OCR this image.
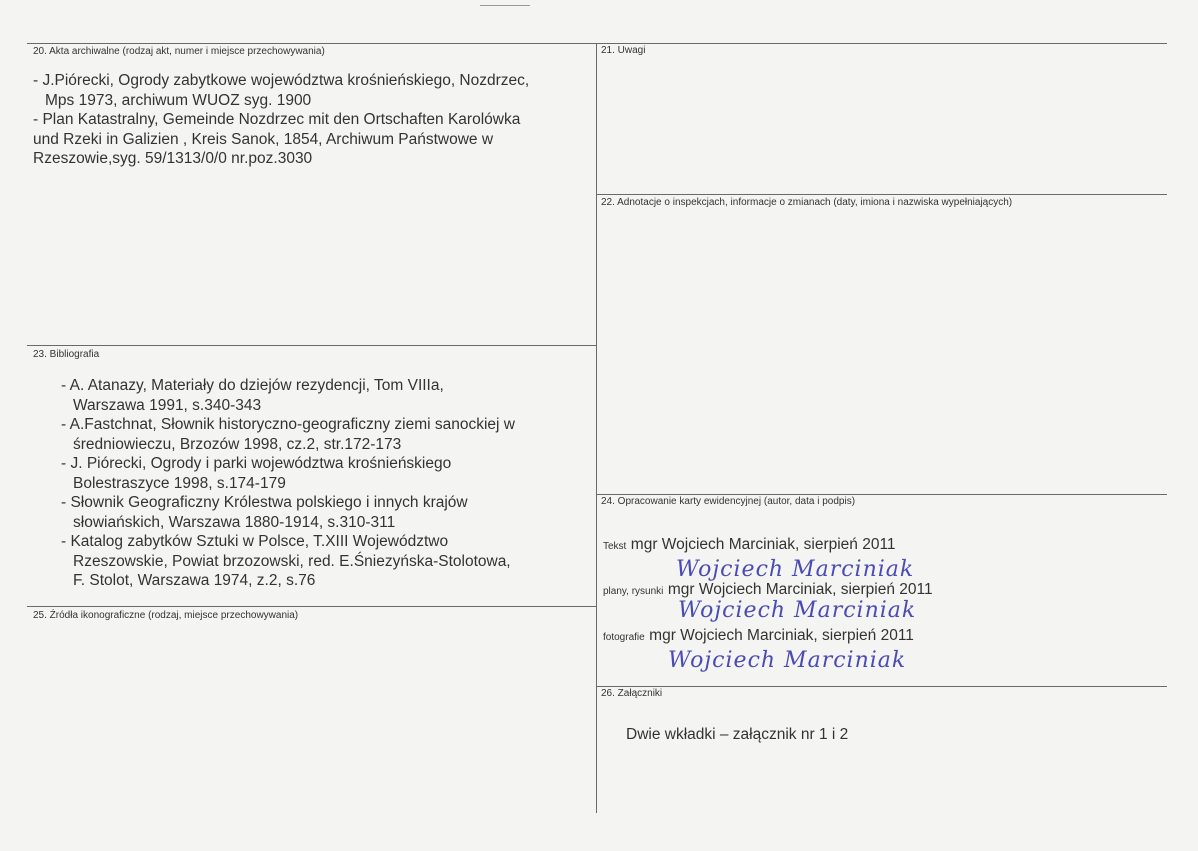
20. Akta archiwalne (rodzaj akt, numer i miejsce przechowywania)
- J.Piórecki, Ogrody zabytkowe województwa krośnieńskiego, Nozdrzec,
Mps 1973, archiwum WUOZ syg. 1900
- Plan Katastralny, Gemeinde Nozdrzec mit den Ortschaften Karolówka
und Rzeki in Galizien , Kreis Sanok, 1854, Archiwum Państwowe w
Rzeszowie,syg. 59/1313/0/0 nr.poz.3030
21. Uwagi
22. Adnotacje o inspekcjach, informacje o zmianach (daty, imiona i nazwiska wypełniających)
23. Bibliografia
- A. Atanazy, Materiały do dziejów rezydencji, Tom VIIIa,
Warszawa 1991, s.340-343
- A.Fastchnat, Słownik historyczno-geograficzny ziemi sanockiej w
średniowieczu, Brzozów 1998, cz.2, str.172-173
- J. Piórecki, Ogrody i parki województwa krośnieńskiego
Bolestraszyce 1998, s.174-179
- Słownik Geograficzny Królestwa polskiego i innych krajów
słowiańskich, Warszawa 1880-1914, s.310-311
- Katalog zabytków Sztuki w Polsce, T.XIII Województwo
Rzeszowskie, Powiat brzozowski, red. E.Śniezyńska-Stolotowa,
F. Stolot, Warszawa 1974, z.2, s.76
24. Opracowanie karty ewidencyjnej (autor, data i podpis)
Tekst mgr Wojciech Marciniak, sierpień 2011
Wojciech Marciniak
plany, rysunki mgr Wojciech Marciniak, sierpień 2011
Wojciech Marciniak
fotografie mgr Wojciech Marciniak, sierpień 2011
Wojciech Marciniak
25. Źródła ikonograficzne (rodzaj, miejsce przechowywania)
26. Załączniki
Dwie wkładki – załącznik nr 1 i 2
